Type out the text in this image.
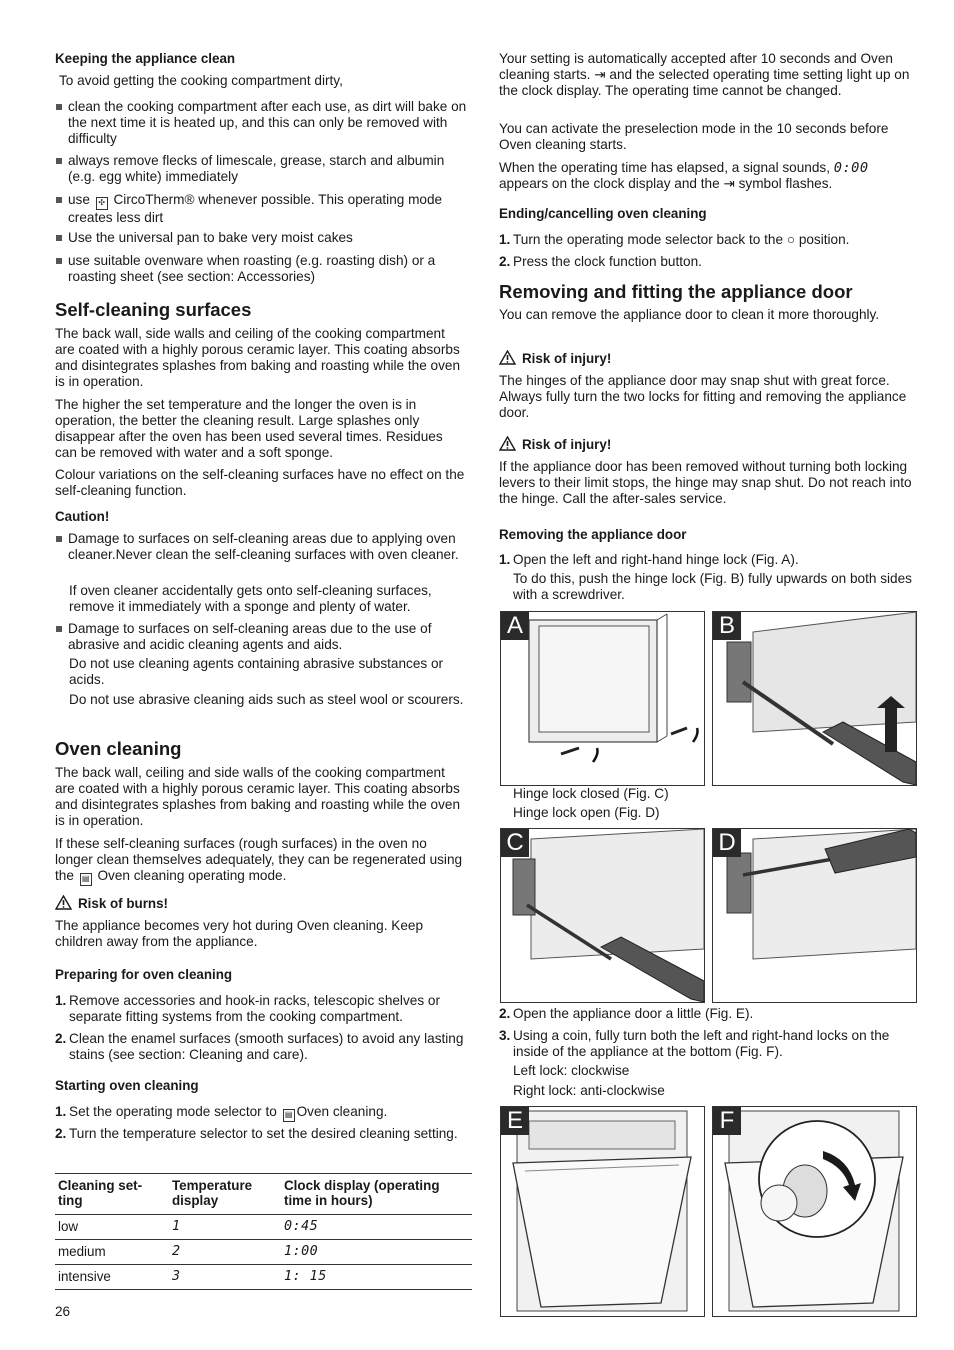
Keeping the appliance clean
To avoid getting the cooking compartment dirty,
clean the cooking compartment after each use, as dirt will bake on the next time it is heated up, and this can only be removed with difficulty
always remove flecks of limescale, grease, starch and albumin (e.g. egg white) immediately
use ✣ CircoTherm® whenever possible. This operating mode creates less dirt
Use the universal pan to bake very moist cakes
use suitable ovenware when roasting (e.g. roasting dish) or a roasting sheet (see section: Accessories)
Self-cleaning surfaces

The back wall, side walls and ceiling of the cooking compartment are coated with a highly porous ceramic layer. This coating absorbs and disintegrates splashes from baking and roasting while the oven is in operation.

The higher the set temperature and the longer the oven is in operation, the better the cleaning result. Large splashes only disappear after the oven has been used several times. Residues can be removed with water and a soft sponge.

Colour variations on the self-cleaning surfaces have no effect on the self-cleaning function.

Caution!
Damage to surfaces on self-cleaning areas due to applying oven cleaner.Never clean the self-cleaning surfaces with oven cleaner.
If oven cleaner accidentally gets onto self-cleaning surfaces, remove it immediately with a sponge and plenty of water.
Damage to surfaces on self-cleaning areas due to the use of abrasive and acidic cleaning agents and aids.
Do not use cleaning agents containing abrasive substances or acids.
Do not use abrasive cleaning aids such as steel wool or scourers.
Oven cleaning

The back wall, ceiling and side walls of the cooking compartment are coated with a highly porous ceramic layer. This coating absorbs and disintegrates splashes from baking and roasting while the oven is in operation.

If these self-cleaning surfaces (rough surfaces) in the oven no longer clean themselves adequately, they can be regenerated using the ▤ Oven cleaning operating mode.

Risk of burns!

The appliance becomes very hot during Oven cleaning. Keep children away from the appliance.

Preparing for oven cleaning
1. Remove accessories and hook-in racks, telescopic shelves or separate fitting systems from the cooking compartment.
2. Clean the enamel surfaces (smooth surfaces) to avoid any lasting stains (see section: Cleaning and care).
Starting oven cleaning
1. Set the operating mode selector to ▤ Oven cleaning.
2. Turn the temperature selector to set the desired cleaning setting.
Cleaning set-ting	Temperature display	Clock display (operating time in hours)
low	1	0:45
medium	2	1:00
intensive	3	1: 15
26

Your setting is automatically accepted after 10 seconds and Oven cleaning starts. ⇥ and the selected operating time setting light up on the clock display. The operating time cannot be changed.

You can activate the preselection mode in the 10 seconds before Oven cleaning starts.

When the operating time has elapsed, a signal sounds, 0:00 appears on the clock display and the ⇥ symbol flashes.

Ending/cancelling oven cleaning
1. Turn the operating mode selector back to the ○ position.
2. Press the clock function button.
Removing and fitting the appliance door

You can remove the appliance door to clean it more thoroughly.

Risk of injury!

The hinges of the appliance door may snap shut with great force. Always fully turn the two locks for fitting and removing the appliance door.

Risk of injury!

If the appliance door has been removed without turning both locking levers to their limit stops, the hinge may snap shut. Do not reach into the hinge. Call the after-sales service.

Removing the appliance door
1. Open the left and right-hand hinge lock (Fig. A).
To do this, push the hinge lock (Fig. B) fully upwards on both sides with a screwdriver.
A	B
Hinge lock closed (Fig. C)
Hinge lock open (Fig. D)
C	D
2. Open the appliance door a little (Fig. E).
3. Using a coin, fully turn both the left and right-hand locks on the inside of the appliance at the bottom (Fig. F).
Left lock: clockwise
Right lock: anti-clockwise
E	F
